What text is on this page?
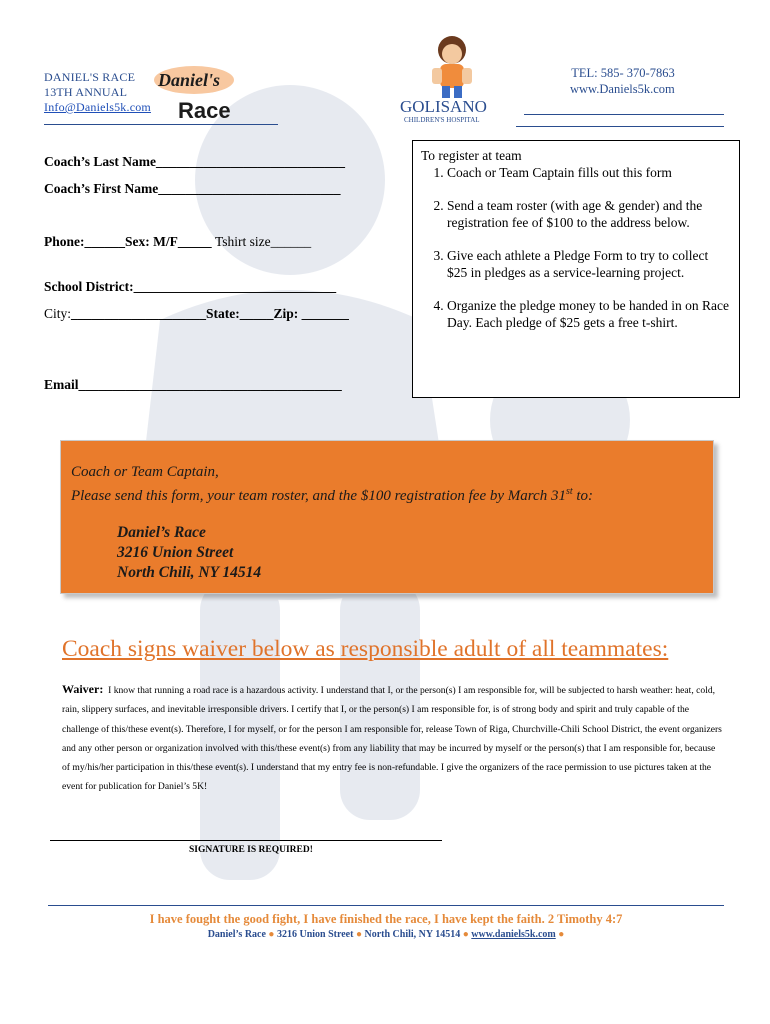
DANIEL'S RACE
13TH ANNUAL
Info@Daniels5k.com
Daniel's
Race	GOLISANO
CHILDREN'S HOSPITAL
TEL: 585- 370-7863
www.Daniels5k.com
Coach’s Last Name____________________________
Coach’s First Name___________________________
Phone:______Sex: M/F_____ Tshirt size______
School District:______________________________
City:____________________State:_____Zip: _______
Email_______________________________________
To register at team
1. Coach or Team Captain fills out this form
2. Send a team roster (with age & gender) and the registration fee of $100 to the address below.
3. Give each athlete a Pledge Form to try to collect $25 in pledges as a service-learning project.
4. Organize the pledge money to be handed in on Race Day. Each pledge of $25 gets a free t-shirt.
Coach or Team Captain,
Please send this form, your team roster, and the $100 registration fee by March 31st to:
Daniel’s Race
3216 Union Street
North Chili, NY 14514
Coach signs waiver below as responsible adult of all teammates:
Waiver: I know that running a road race is a hazardous activity. I understand that I, or the person(s) I am responsible for, will be subjected to harsh weather: heat, cold, rain, slippery surfaces, and inevitable irresponsible drivers. I certify that I, or the person(s) I am responsible for, is of strong body and spirit and truly capable of the challenge of this/these event(s). Therefore, I for myself, or for the person I am responsible for, release Town of Riga, Churchville-Chili School District, the event organizers and any other person or organization involved with this/these event(s) from any liability that may be incurred by myself or the person(s) that I am responsible for, because of my/his/her participation in this/these event(s). I understand that my entry fee is non-refundable. I give the organizers of the race permission to use pictures taken at the event for publication for Daniel’s 5K!
SIGNATURE IS REQUIRED!
I have fought the good fight, I have finished the race, I have kept the faith. 2 Timothy 4:7
Daniel’s Race ● 3216 Union Street ● North Chili, NY 14514 ● www.daniels5k.com ●
